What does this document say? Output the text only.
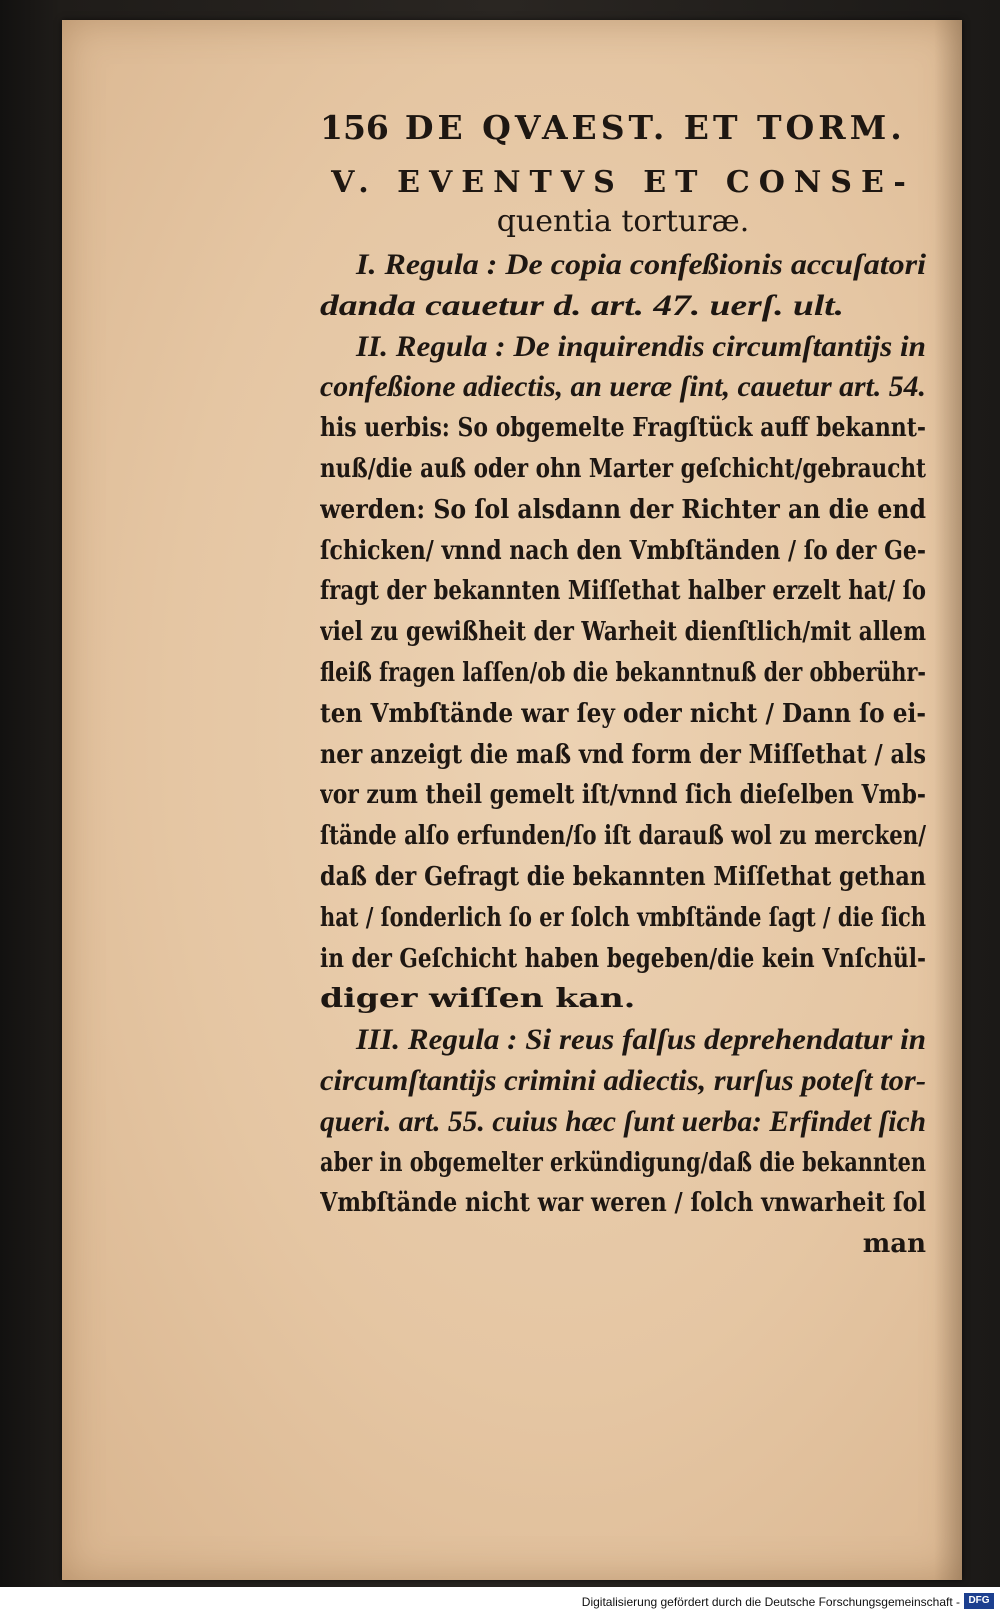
156 DE QVAEST. ET TORM.
V. EVENTVS ET CONSE-
quentia torturæ.
I. Regula : De copia confeßionis accuſatori
danda cauetur d. art. 47. uerſ. ult.
II. Regula : De inquirendis circumſtantijs in
confeßione adiectis, an ueræ ſint, cauetur art. 54.
his uerbis: So obgemelte Fragſtück auff bekannt-
nuß/die auß oder ohn Marter geſchicht/gebraucht
werden: So ſol alsdann der Richter an die end
ſchicken/ vnnd nach den Vmbſtänden / ſo der Ge-
fragt der bekannten Miſſethat halber erzelt hat/ ſo
viel zu gewißheit der Warheit dienſtlich/mit allem
fleiß fragen laſſen/ob die bekanntnuß der obberühr-
ten Vmbſtände war ſey oder nicht / Dann ſo ei-
ner anzeigt die maß vnd form der Miſſethat / als
vor zum theil gemelt iſt/vnnd ſich dieſelben Vmb-
ſtände alſo erfunden/ſo iſt darauß wol zu mercken/
daß der Gefragt die bekannten Miſſethat gethan
hat / ſonderlich ſo er ſolch vmbſtände ſagt / die ſich
in der Geſchicht haben begeben/die kein Vnſchül-
diger wiſſen kan.
III. Regula : Si reus falſus deprehendatur in
circumſtantijs crimini adiectis, rurſus poteſt tor-
queri. art. 55. cuius hæc ſunt uerba: Erfindet ſich
aber in obgemelter erkündigung/daß die bekannten
Vmbſtände nicht war weren / ſolch vnwarheit ſol
man
Digitalisierung gefördert durch die Deutsche Forschungsgemeinschaft - DFG
